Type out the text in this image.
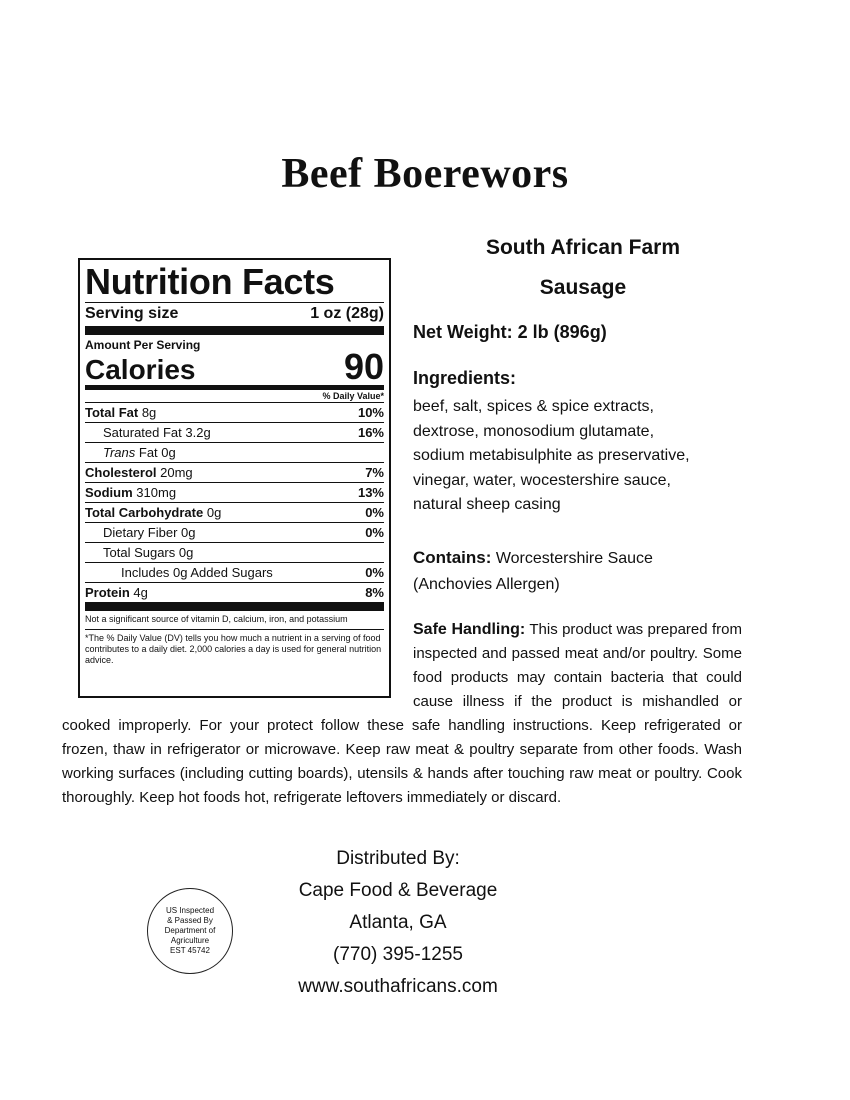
Beef Boerewors
Nutrition Facts
Serving size	1 oz (28g)
Amount Per Serving
Calories	90
% Daily Value*
Total Fat 8g	10%
Saturated Fat 3.2g	16%
Trans Fat 0g
Cholesterol 20mg	7%
Sodium 310mg	13%
Total Carbohydrate 0g	0%
Dietary Fiber 0g	0%
Total Sugars 0g
Includes 0g Added Sugars	0%
Protein 4g	8%
Not a significant source of vitamin D, calcium, iron, and potassium
*The % Daily Value (DV) tells you how much a nutrient in a serving of food contributes to a daily diet. 2,000 calories a day is used for general nutrition advice.
South African Farm
Sausage
Net Weight: 2 lb (896g)
Ingredients:
beef, salt, spices & spice extracts,
dextrose, monosodium glutamate,
sodium metabisulphite as preservative,
vinegar, water, wocestershire sauce,
natural sheep casing
Contains: Worcestershire Sauce
(Anchovies Allergen)
Safe Handling: This product was prepared from inspected and passed meat and/or poultry. Some food products may contain bacteria that could cause illness if the product is mishandled or cooked improperly. For your protect follow these safe handling instructions. Keep refrigerated or frozen, thaw in refrigerator or microwave. Keep raw meat & poultry separate from other foods. Wash working surfaces (including cutting boards), utensils & hands after touching raw meat or poultry. Cook thoroughly. Keep hot foods hot, refrigerate leftovers immediately or discard.
Distributed By:
Cape Food & Beverage
Atlanta, GA
(770) 395-1255
www.southafricans.com
US Inspected
& Passed By
Department of
Agriculture
EST 45742
